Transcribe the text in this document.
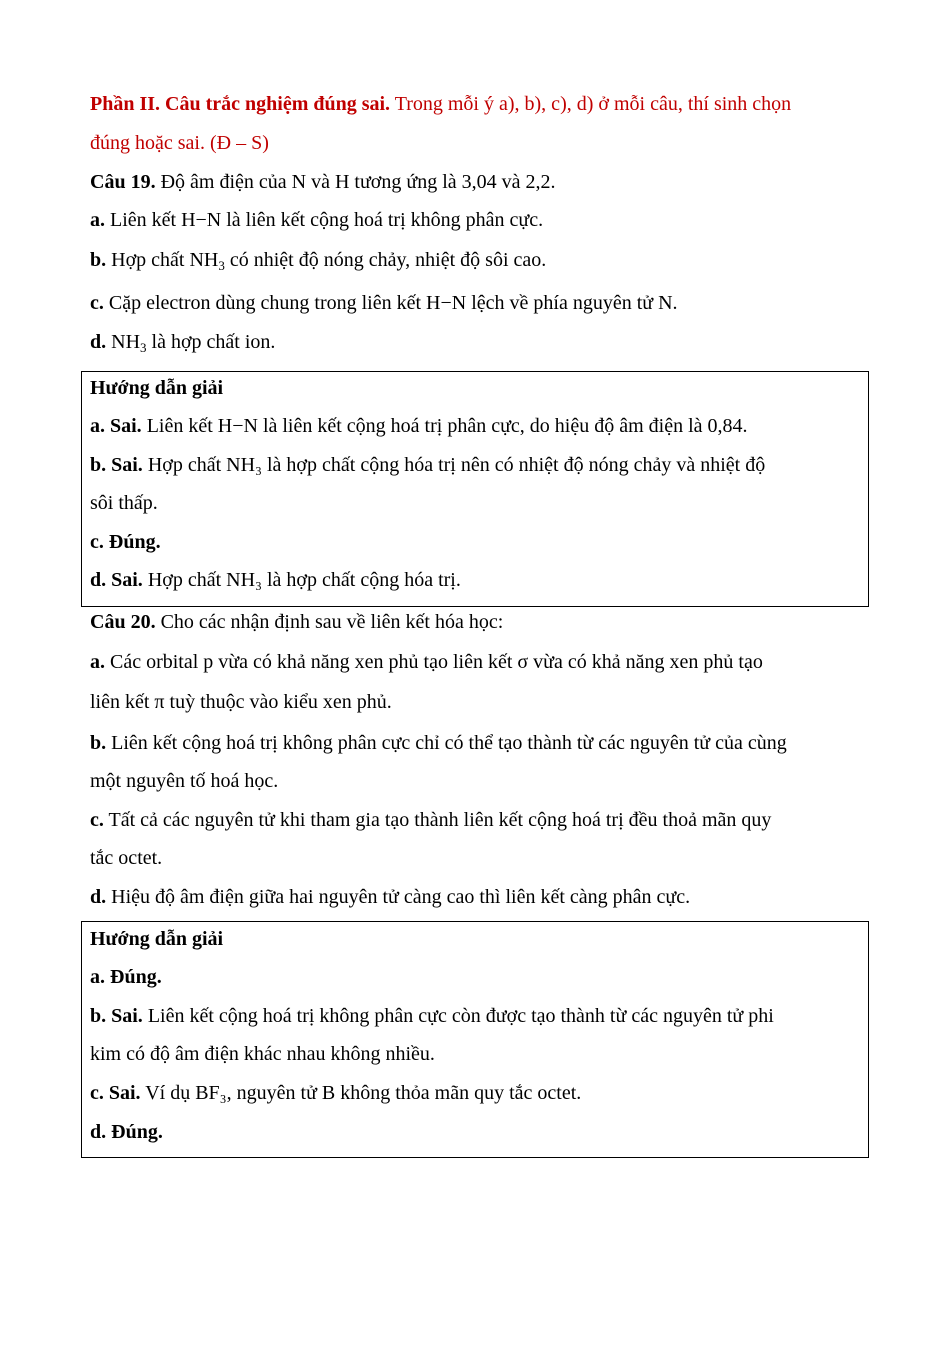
Phần II. Câu trắc nghiệm đúng sai. Trong mỗi ý a), b), c), d) ở mỗi câu, thí sinh chọn
đúng hoặc sai. (Đ – S)
Câu 19. Độ âm điện của N và H tương ứng là 3,04 và 2,2.
a. Liên kết H−N là liên kết cộng hoá trị không phân cực.
b. Hợp chất $NH_3$ có nhiệt độ nóng chảy, nhiệt độ sôi cao.
c. Cặp electron dùng chung trong liên kết H−N lệch về phía nguyên tử N.
d. $NH_3$ là hợp chất ion.
Hướng dẫn giải
a. Sai. Liên kết H−N là liên kết cộng hoá trị phân cực, do hiệu độ âm điện là 0,84.
b. Sai. Hợp chất NH₃ là hợp chất cộng hóa trị nên có nhiệt độ nóng chảy và nhiệt độ
sôi thấp.
c. Đúng.
d. Sai. Hợp chất NH₃ là hợp chất cộng hóa trị.
Câu 20. Cho các nhận định sau về liên kết hóa học:
a. Các orbital p vừa có khả năng xen phủ tạo liên kết σ vừa có khả năng xen phủ tạo
liên kết π tuỳ thuộc vào kiểu xen phủ.
b. Liên kết cộng hoá trị không phân cực chỉ có thể tạo thành từ các nguyên tử của cùng
một nguyên tố hoá học.
c. Tất cả các nguyên tử khi tham gia tạo thành liên kết cộng hoá trị đều thoả mãn quy
tắc octet.
d. Hiệu độ âm điện giữa hai nguyên tử càng cao thì liên kết càng phân cực.
Hướng dẫn giải
a. Đúng.
b. Sai. Liên kết cộng hoá trị không phân cực còn được tạo thành từ các nguyên tử phi
kim có độ âm điện khác nhau không nhiều.
c. Sai. Ví dụ BF₃, nguyên tử B không thỏa mãn quy tắc octet.
d. Đúng.
